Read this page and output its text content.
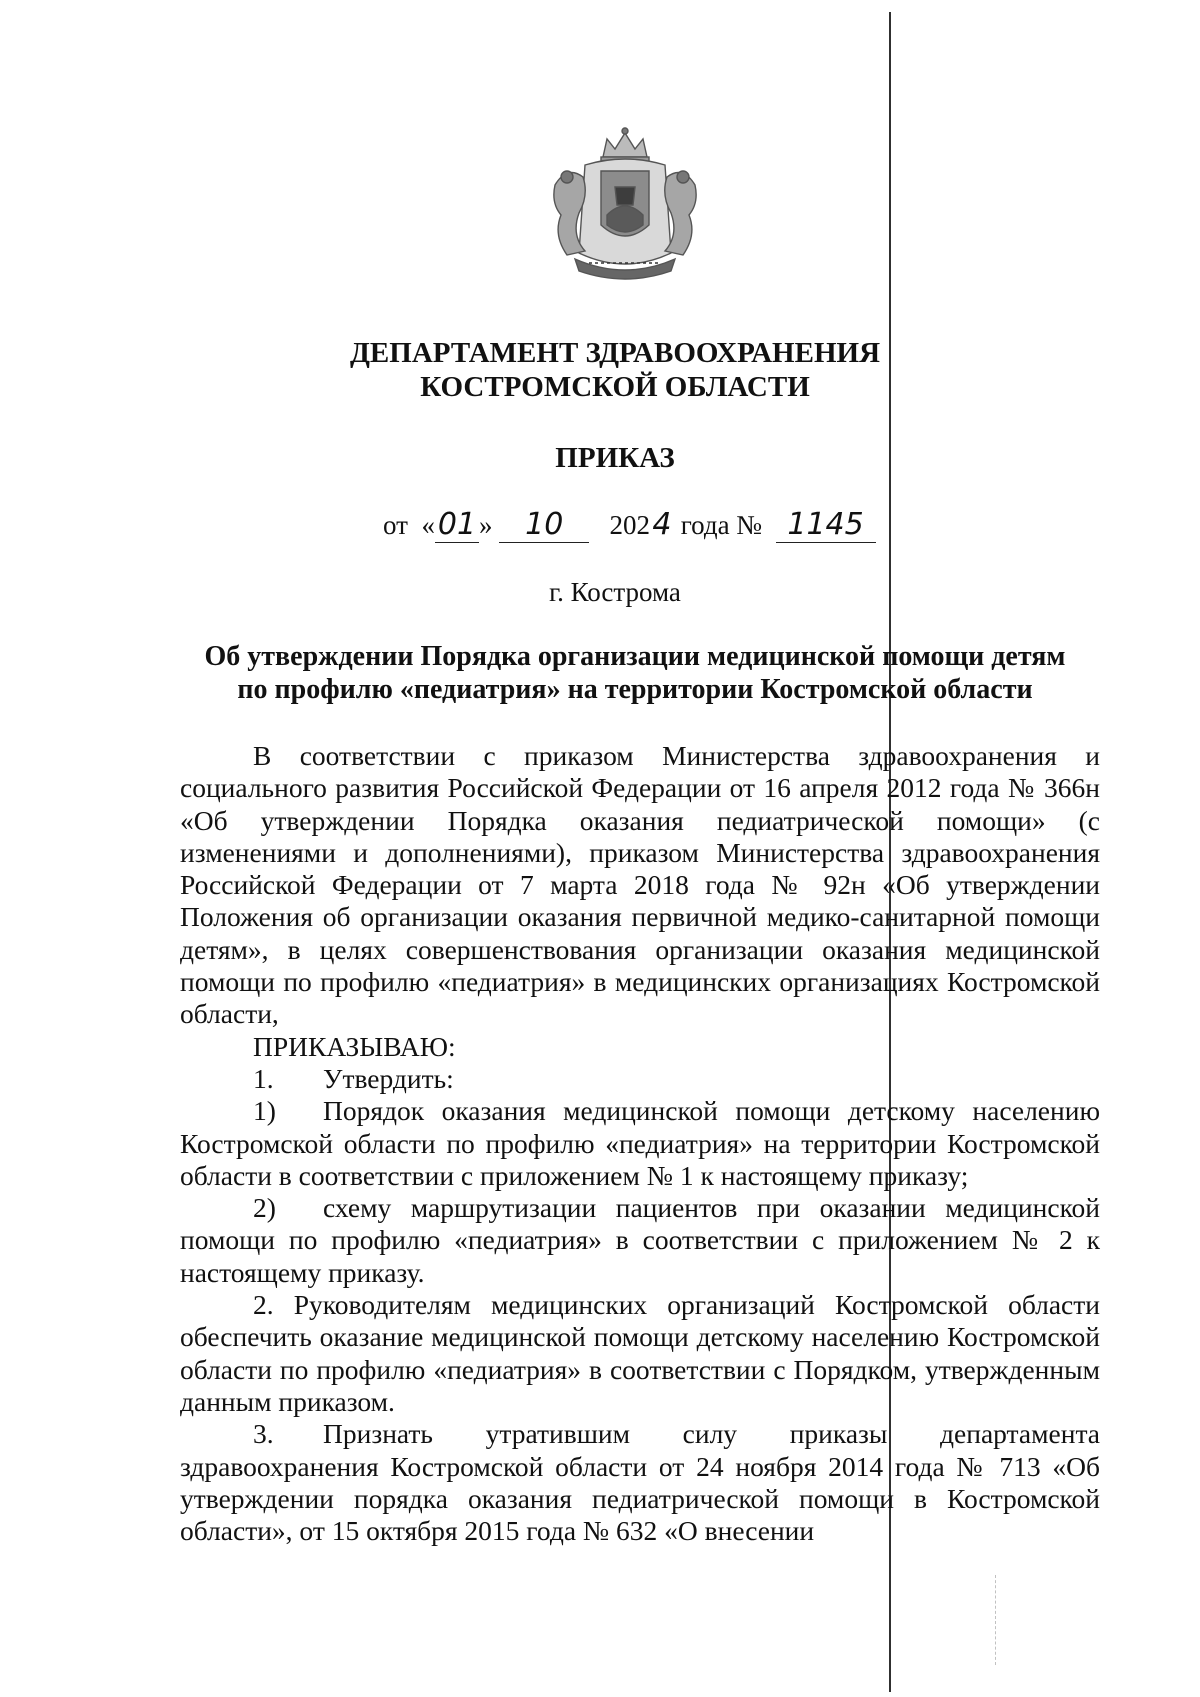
ДЕПАРТАМЕНТ ЗДРАВООХРАНЕНИЯ
КОСТРОМСКОЙ ОБЛАСТИ
ПРИКАЗ
от «01 » 10 2024 года № 1145
г. Кострома
Об утверждении Порядка организации медицинской помощи детям
по профилю «педиатрия» на территории Костромской области

В соответствии с приказом Министерства здравоохранения и социального развития Российской Федерации от 16 апреля 2012 года № 366н «Об утверждении Порядка оказания педиатрической помощи» (с изменениями и дополнениями), приказом Министерства здравоохранения Российской Федерации от 7 марта 2018 года № 92н «Об утверждении Положения об организации оказания первичной медико-санитарной помощи детям», в целях совершенствования организации оказания медицинской помощи по профилю «педиатрия» в медицинских организациях Костромской области,

ПРИКАЗЫВАЮ:

1. Утвердить:

1) Порядок оказания медицинской помощи детскому населению Костромской области по профилю «педиатрия» на территории Костромской области в соответствии с приложением № 1 к настоящему приказу;

2) схему маршрутизации пациентов при оказании медицинской помощи по профилю «педиатрия» в соответствии с приложением № 2 к настоящему приказу.

2. Руководителям медицинских организаций Костромской области обеспечить оказание медицинской помощи детскому населению Костромской области по профилю «педиатрия» в соответствии с Порядком, утвержденным данным приказом.

3. Признать утратившим силу приказы департамента здравоохранения Костромской области от 24 ноября 2014 года № 713 «Об утверждении порядка оказания педиатрической помощи в Костромской области», от 15 октября 2015 года № 632 «О внесении
